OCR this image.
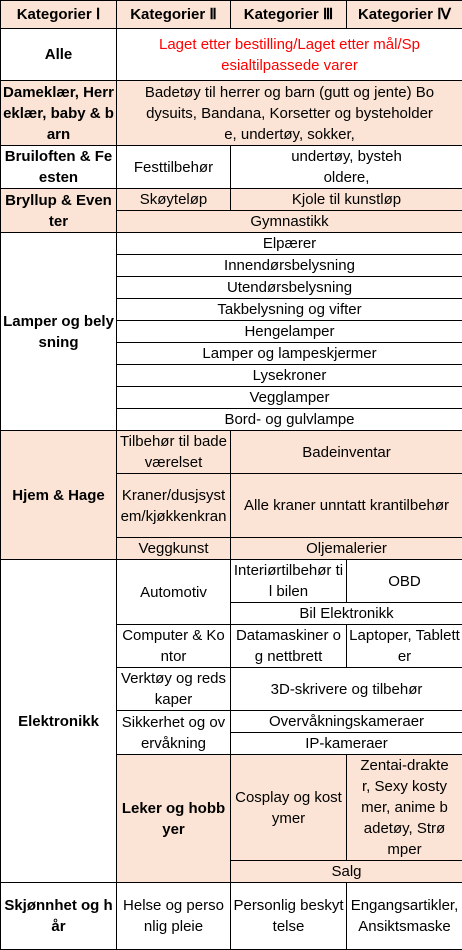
Kategorier Ⅰ	Kategorier Ⅱ	Kategorier Ⅲ	Kategorier Ⅳ
Alle	Laget etter bestilling/Laget etter mål/Spesialtilpassede varer		
Dameklær, Herreklær, baby & barn	Badetøy til herrer og barn (gutt og jente) Bodysuits, Bandana, Korsetter og bysteholdere, undertøy, sokker,		
Bruiloften & Feesten	Festtilbehør	undertøy, bysteholdere,	
Bryllup & Eventer	Skøyteløp	Kjole til kunstløp	
	Gymnastikk		
Lamper og belysning	Elpærer		
	Innendørsbelysning		
	Utendørsbelysning		
	Takbelysning og vifter		
	Hengelamper		
	Lamper og lampeskjermer		
	Lysekroner		
	Vegglamper		
	Bord- og gulvlampe		
Hjem & Hage	Tilbehør til badeværelset	Badeinventar	
	Kraner/dusjsystem/kjøkkenkran	Alle kraner unntatt krantilbehør	
	Veggkunst	Oljemalerier	
Elektronikk	Automotiv	Interiørtilbehør til bilen	OBD
		Bil Elektronikk	
	Computer & Kontor	Datamaskiner og nettbrett	Laptoper, Tabletter
	Verktøy og redskaper	3D-skrivere og tilbehør	
	Sikkerhet og overvåkning	Overvåkningskameraer	
		IP-kameraer	
	Leker og hobbyer	Cosplay og kostymer	Zentai-drakter, Sexy kostymer, anime badetøy, Strømper
		Salg	
Skjønnhet og hår	Helse og personlig pleie	Personlig beskyttelse	Engangsartikler, Ansiktsmaske
